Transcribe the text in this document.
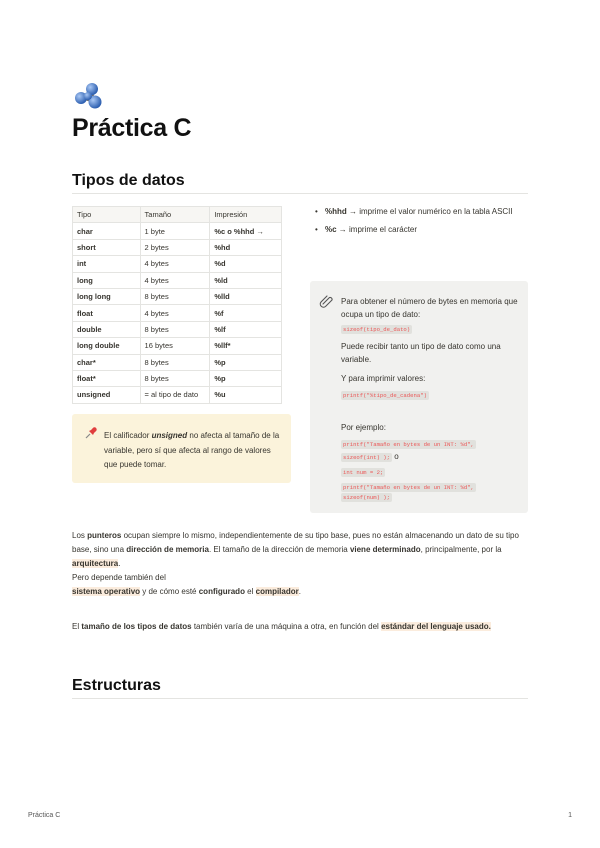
Práctica C
Tipos de datos
Tipo	Tamaño	Impresión
char	1 byte	%c o %hhd →
short	2 bytes	%hd
int	4 bytes	%d
long	4 bytes	%ld
long long	8 bytes	%lld
float	4 bytes	%f
double	8 bytes	%lf
long double	16 bytes	%llf*
char*	8 bytes	%p
float*	8 bytes	%p
unsigned	= al tipo de dato	%u
• %hhd → imprime el valor numérico en la tabla ASCII
• %c → imprime el carácter
El calificador unsigned no afecta al tamaño de la variable, pero sí que afecta al rango de valores que puede tomar.
Para obtener el número de bytes en memoria que ocupa un tipo de dato:
sizeof(tipo_de_dato)
Puede recibir tanto un tipo de dato como una variable.
Y para imprimir valores:
printf("%tipo_de_cadena")
Por ejemplo:
printf("Tamaño en bytes de un INT: %d",
sizeof(int) ); o
int num = 2;
printf("Tamaño en bytes de un INT: %d",
sizeof(num) );
Los punteros ocupan siempre lo mismo, independientemente de su tipo base, pues no están almacenando un dato de su tipo base, sino una dirección de memoria. El tamaño de la dirección de memoria viene determinado, principalmente, por la arquitectura.
Pero depende también del
sistema operativo y de cómo esté configurado el compilador.
El tamaño de los tipos de datos también varía de una máquina a otra, en función del estándar del lenguaje usado.
Estructuras
Práctica C	1
